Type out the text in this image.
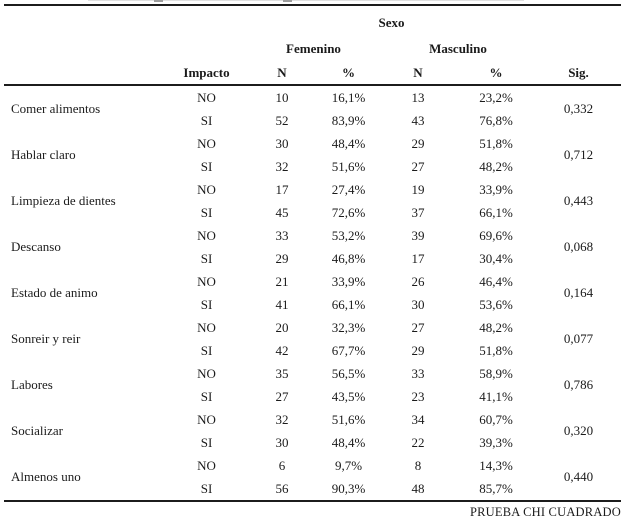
		Sexo				
		Femenino		Masculino		
	Impacto	N	%	N	%	Sig.
Comer alimentos	NO	10	16,1%	13	23,2%	0,332
	SI	52	83,9%	43	76,8%	
Hablar claro	NO	30	48,4%	29	51,8%	0,712
	SI	32	51,6%	27	48,2%	
Limpieza de dientes	NO	17	27,4%	19	33,9%	0,443
	SI	45	72,6%	37	66,1%	
Descanso	NO	33	53,2%	39	69,6%	0,068
	SI	29	46,8%	17	30,4%	
Estado de animo	NO	21	33,9%	26	46,4%	0,164
	SI	41	66,1%	30	53,6%	
Sonreir y reir	NO	20	32,3%	27	48,2%	0,077
	SI	42	67,7%	29	51,8%	
Labores	NO	35	56,5%	33	58,9%	0,786
	SI	27	43,5%	23	41,1%	
Socializar	NO	32	51,6%	34	60,7%	0,320
	SI	30	48,4%	22	39,3%	
Almenos uno	NO	6	9,7%	8	14,3%	0,440
	SI	56	90,3%	48	85,7%	
PRUEBA CHI CUADRADO
